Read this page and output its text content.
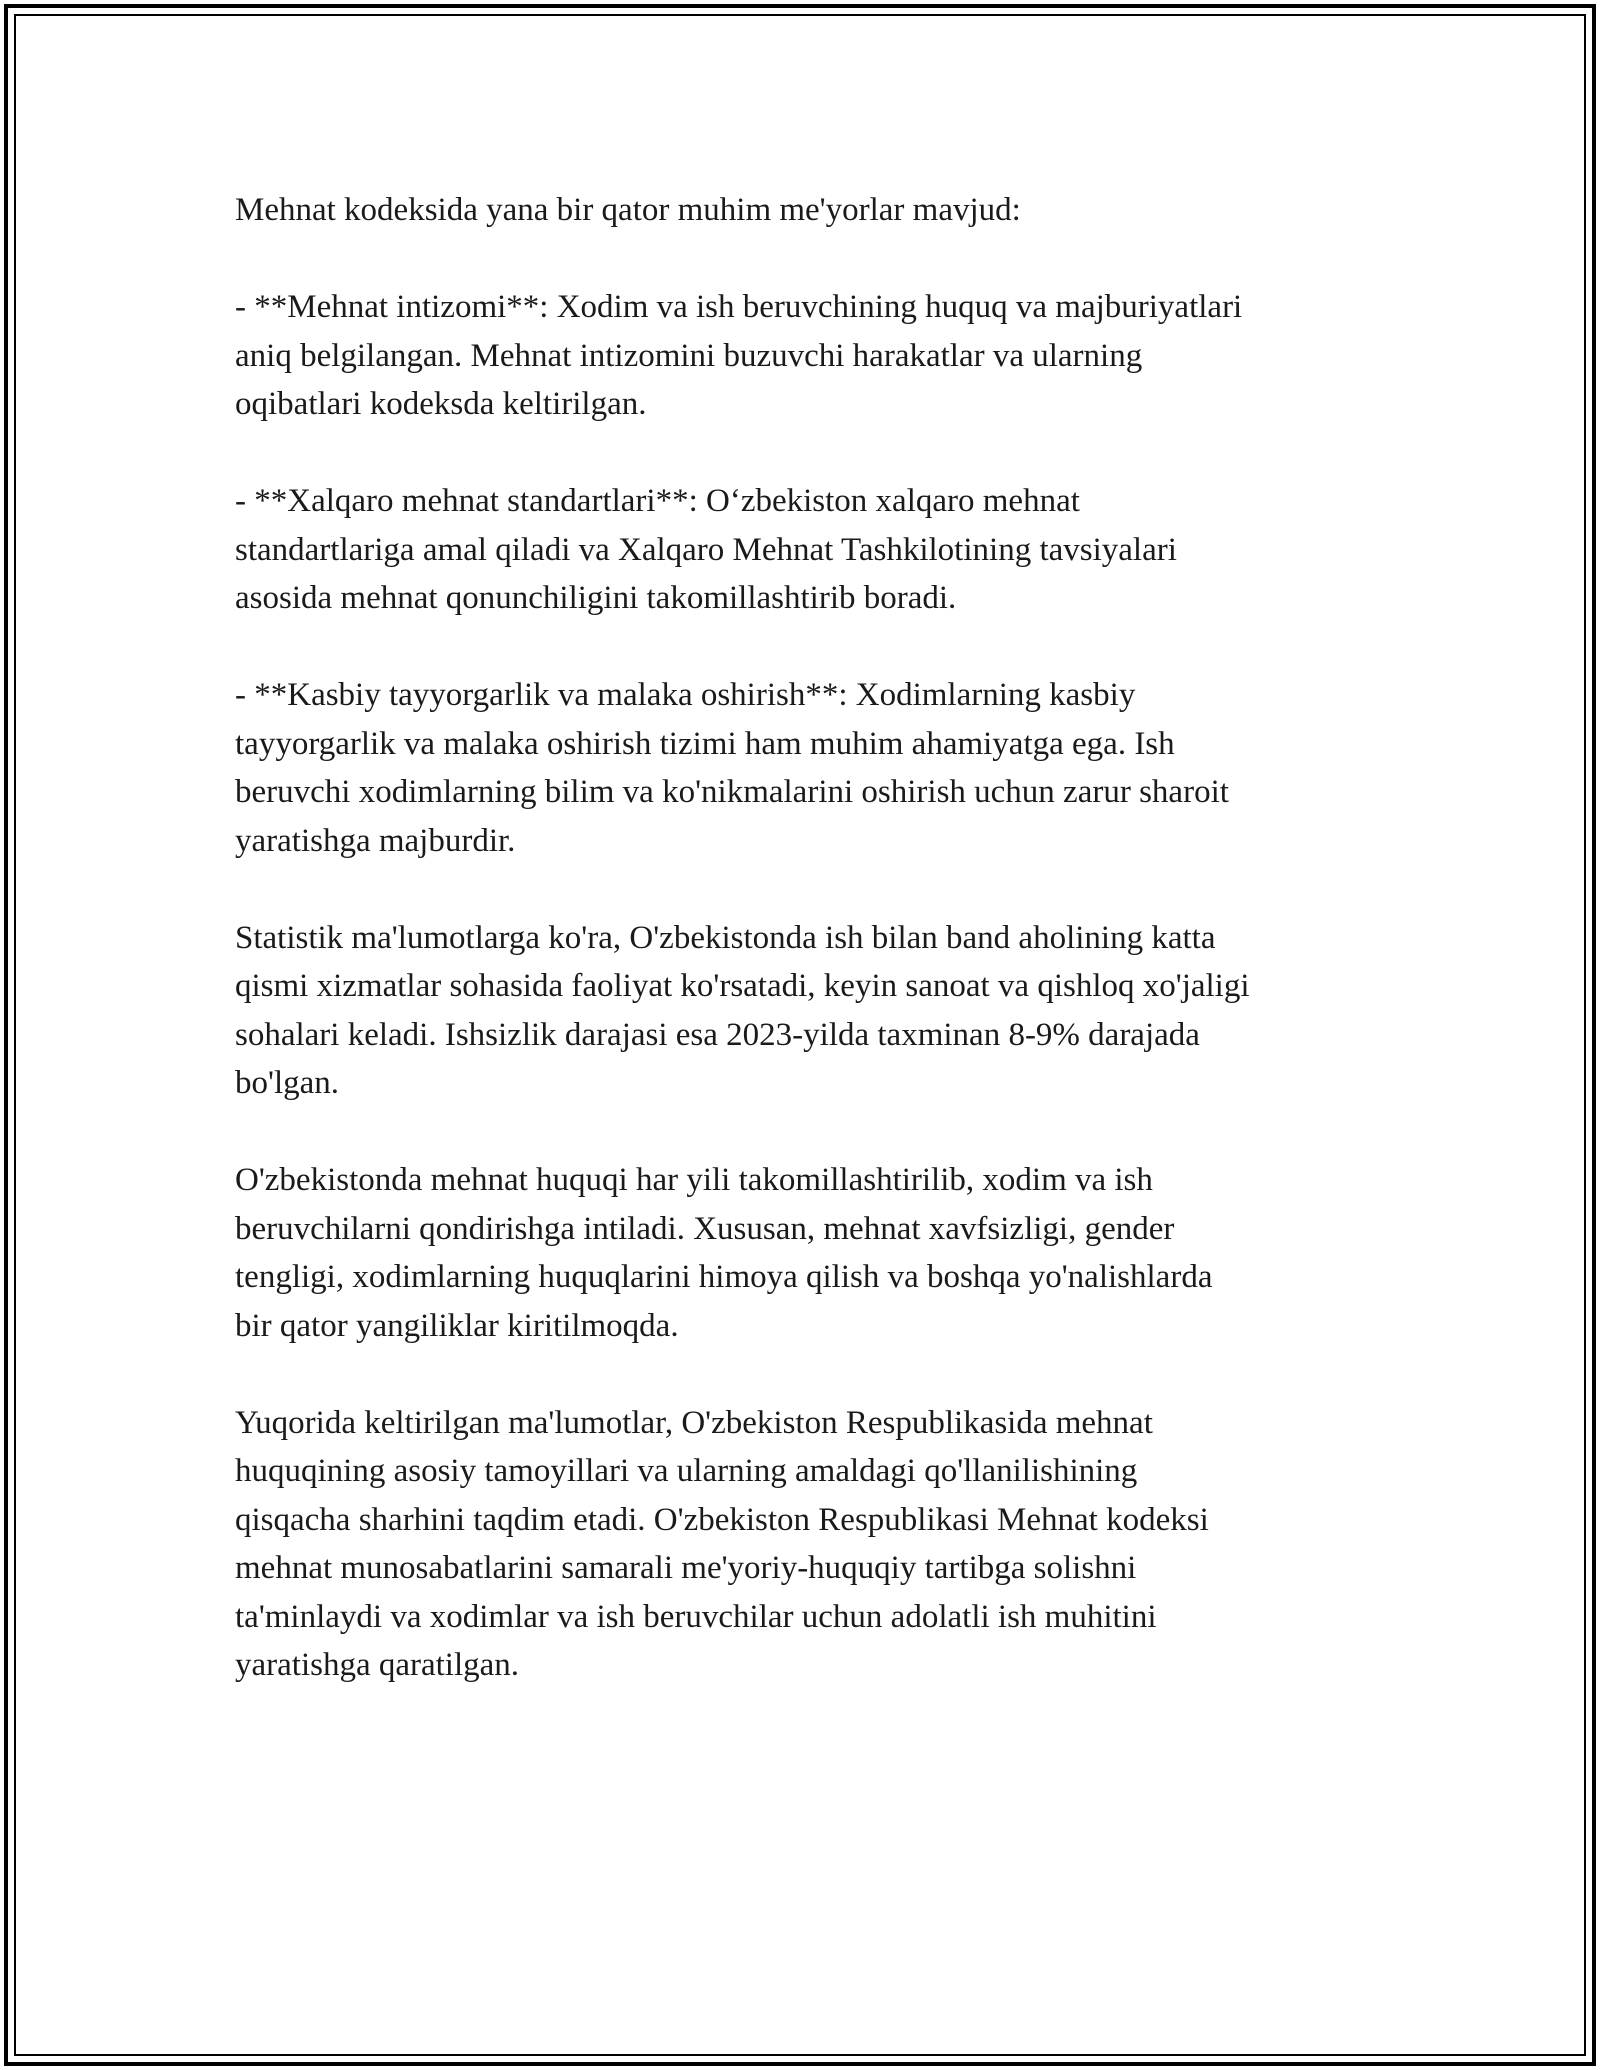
Mehnat kodeksida yana bir qator muhim me'yorlar mavjud:

- **Mehnat intizomi**: Xodim va ish beruvchining huquq va majburiyatlari
aniq belgilangan. Mehnat intizomini buzuvchi harakatlar va ularning
oqibatlari kodeksda keltirilgan.

- **Xalqaro mehnat standartlari**: O‘zbekiston xalqaro mehnat
standartlariga amal qiladi va Xalqaro Mehnat Tashkilotining tavsiyalari
asosida mehnat qonunchiligini takomillashtirib boradi.

- **Kasbiy tayyorgarlik va malaka oshirish**: Xodimlarning kasbiy
tayyorgarlik va malaka oshirish tizimi ham muhim ahamiyatga ega. Ish
beruvchi xodimlarning bilim va ko'nikmalarini oshirish uchun zarur sharoit
yaratishga majburdir.

Statistik ma'lumotlarga ko'ra, O'zbekistonda ish bilan band aholining katta
qismi xizmatlar sohasida faoliyat ko'rsatadi, keyin sanoat va qishloq xo'jaligi
sohalari keladi. Ishsizlik darajasi esa 2023-yilda taxminan 8-9% darajada
bo'lgan.

O'zbekistonda mehnat huquqi har yili takomillashtirilib, xodim va ish
beruvchilarni qondirishga intiladi. Xususan, mehnat xavfsizligi, gender
tengligi, xodimlarning huquqlarini himoya qilish va boshqa yo'nalishlarda
bir qator yangiliklar kiritilmoqda.

Yuqorida keltirilgan ma'lumotlar, O'zbekiston Respublikasida mehnat
huquqining asosiy tamoyillari va ularning amaldagi qo'llanilishining
qisqacha sharhini taqdim etadi. O'zbekiston Respublikasi Mehnat kodeksi
mehnat munosabatlarini samarali me'yoriy-huquqiy tartibga solishni
ta'minlaydi va xodimlar va ish beruvchilar uchun adolatli ish muhitini
yaratishga qaratilgan.
